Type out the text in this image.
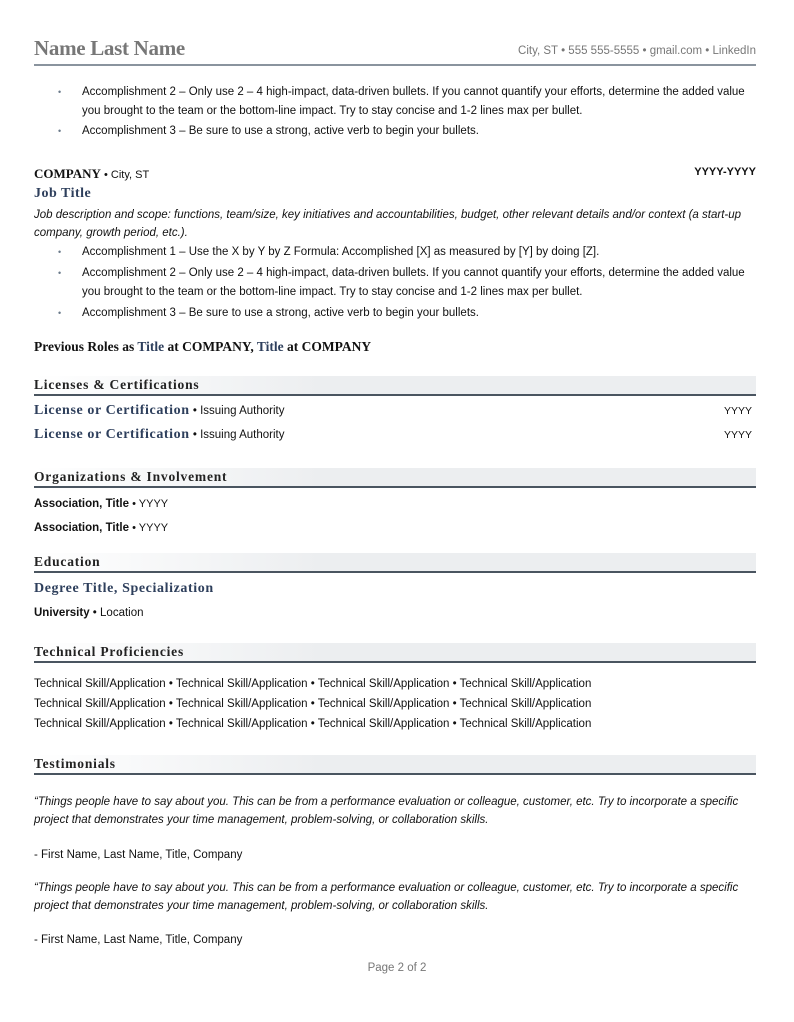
Name Last Name	City, ST • 555 555-5555 • gmail.com • LinkedIn
• Accomplishment 2 – Only use 2 – 4 high-impact, data-driven bullets. If you cannot quantify your efforts, determine the added value you brought to the team or the bottom-line impact. Try to stay concise and 1-2 lines max per bullet.
• Accomplishment 3 – Be sure to use a strong, active verb to begin your bullets.
COMPANY • City, ST	YYYY-YYYY
Job Title
Job description and scope: functions, team/size, key initiatives and accountabilities, budget, other relevant details and/or context (a start-up company, growth period, etc.).
• Accomplishment 1 – Use the X by Y by Z Formula: Accomplished [X] as measured by [Y] by doing [Z].
• Accomplishment 2 – Only use 2 – 4 high-impact, data-driven bullets. If you cannot quantify your efforts, determine the added value you brought to the team or the bottom-line impact. Try to stay concise and 1-2 lines max per bullet.
• Accomplishment 3 – Be sure to use a strong, active verb to begin your bullets.
Previous Roles as Title at COMPANY, Title at COMPANY
Licenses & Certifications
License or Certification • Issuing Authority	YYYY
License or Certification • Issuing Authority	YYYY
Organizations & Involvement
Association, Title • YYYY
Association, Title • YYYY
Education
Degree Title, Specialization
University • Location
Technical Proficiencies
Technical Skill/Application • Technical Skill/Application • Technical Skill/Application • Technical Skill/Application
Technical Skill/Application • Technical Skill/Application • Technical Skill/Application • Technical Skill/Application
Technical Skill/Application • Technical Skill/Application • Technical Skill/Application • Technical Skill/Application
Testimonials
“Things people have to say about you. This can be from a performance evaluation or colleague, customer, etc. Try to incorporate a specific project that demonstrates your time management, problem-solving, or collaboration skills.
- First Name, Last Name, Title, Company
“Things people have to say about you. This can be from a performance evaluation or colleague, customer, etc. Try to incorporate a specific project that demonstrates your time management, problem-solving, or collaboration skills.
- First Name, Last Name, Title, Company
Page 2 of 2
